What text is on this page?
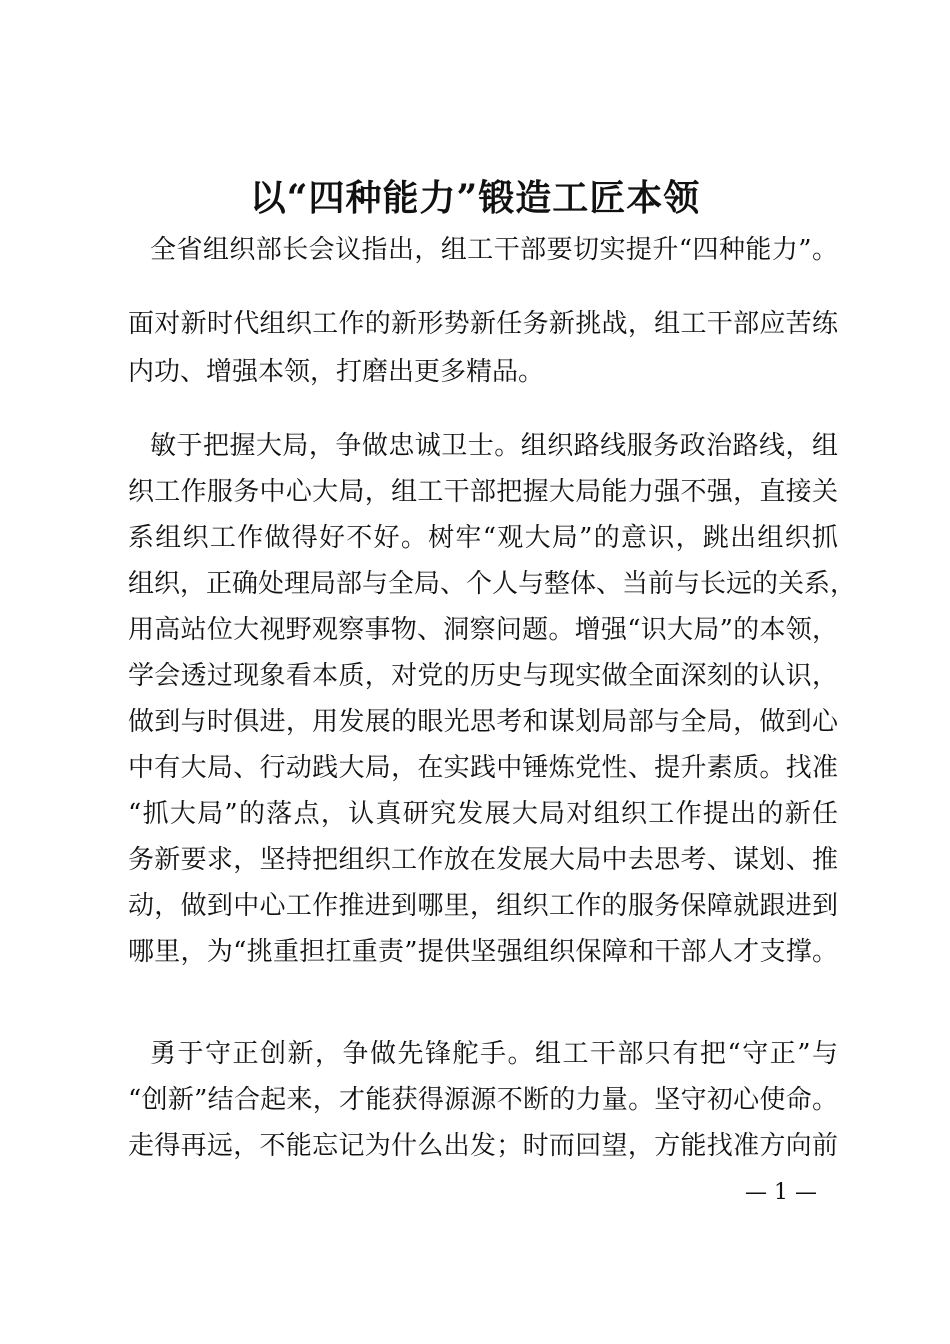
以“四种能力”锻造工匠本领

全省组织部长会议指出，组工干部要切实提升“四种能力”。

面对新时代组织工作的新形势新任务新挑战，组工干部应苦练

内功、增强本领，打磨出更多精品。

敏于把握大局，争做忠诚卫士。组织路线服务政治路线，组

织工作服务中心大局，组工干部把握大局能力强不强，直接关

系组织工作做得好不好。树牢“观大局”的意识，跳出组织抓

组织，正确处理局部与全局、个人与整体、当前与长远的关系，

用高站位大视野观察事物、洞察问题。增强“识大局”的本领，

学会透过现象看本质，对党的历史与现实做全面深刻的认识，

做到与时俱进，用发展的眼光思考和谋划局部与全局，做到心

中有大局、行动践大局，在实践中锤炼党性、提升素质。找准

“抓大局”的落点，认真研究发展大局对组织工作提出的新任

务新要求，坚持把组织工作放在发展大局中去思考、谋划、推

动，做到中心工作推进到哪里，组织工作的服务保障就跟进到

哪里，为“挑重担扛重责”提供坚强组织保障和干部人才支撑。

勇于守正创新，争做先锋舵手。组工干部只有把“守正”与

“创新”结合起来，才能获得源源不断的力量。坚守初心使命。

走得再远，不能忘记为什么出发；时而回望，方能找准方向前

— 1 —
